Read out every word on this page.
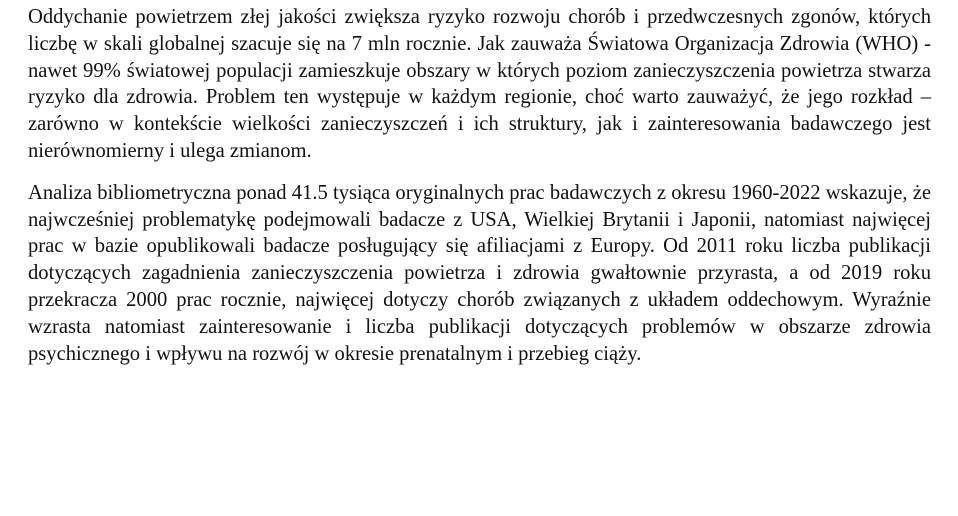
Oddychanie powietrzem złej jakości zwiększa ryzyko rozwoju chorób i przedwczesnych zgonów, których liczbę w skali globalnej szacuje się na 7 mln rocznie. Jak zauważa Światowa Organizacja Zdrowia (WHO) - nawet 99% światowej populacji zamieszkuje obszary w których poziom zanieczyszczenia powietrza stwarza ryzyko dla zdrowia. Problem ten występuje w każdym regionie, choć warto zauważyć, że jego rozkład – zarówno w kontekście wielkości zanieczyszczeń i ich struktury, jak i zainteresowania badawczego jest nierównomierny i ulega zmianom.

Analiza bibliometryczna ponad 41.5 tysiąca oryginalnych prac badawczych z okresu 1960-2022 wskazuje, że najwcześniej problematykę podejmowali badacze z USA, Wielkiej Brytanii i Japonii, natomiast najwięcej prac w bazie opublikowali badacze posługujący się afiliacjami z Europy. Od 2011 roku liczba publikacji dotyczących zagadnienia zanieczyszczenia powietrza i zdrowia gwałtownie przyrasta, a od 2019 roku przekracza 2000 prac rocznie, najwięcej dotyczy chorób związanych z układem oddechowym. Wyraźnie wzrasta natomiast zainteresowanie i liczba publikacji dotyczących problemów w obszarze zdrowia psychicznego i wpływu na rozwój w okresie prenatalnym i przebieg ciąży.
